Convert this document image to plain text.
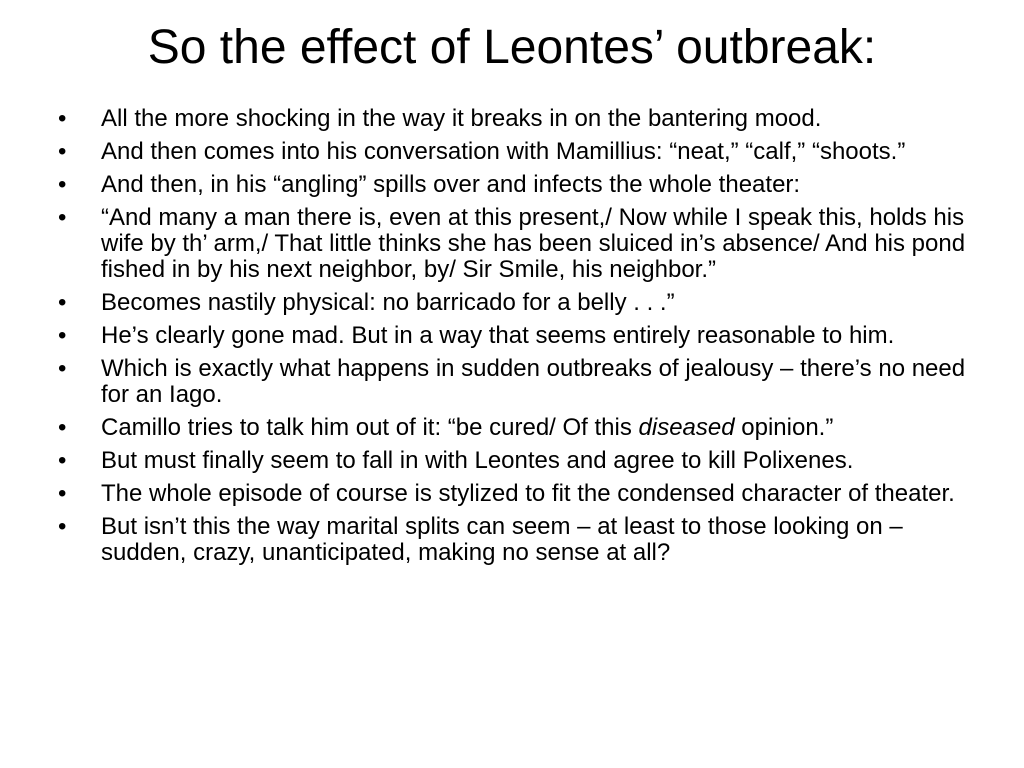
So the effect of Leontes’ outbreak:
•	All the more shocking in the way it breaks in on the bantering mood.
•	And then comes into his conversation with Mamillius: “neat,” “calf,” “shoots.”
•	And then, in his “angling” spills over and infects the whole theater:
•	“And many a man there is, even at this present,/ Now while I speak this, holds his wife by th’ arm,/ That little thinks she has been sluiced in’s absence/ And his pond fished in by his next neighbor, by/ Sir Smile, his neighbor.”
•	Becomes nastily physical: no barricado for a belly . . .”
•	He’s clearly gone mad. But in a way that seems entirely reasonable to him.
•	Which is exactly what happens in sudden outbreaks of jealousy – there’s no need for an Iago.
•	Camillo tries to talk him out of it: “be cured/ Of this diseased opinion.”
•	But must finally seem to fall in with Leontes and agree to kill Polixenes.
•	The whole episode of course is stylized to fit the condensed character of theater.
•	But isn’t this the way marital splits can seem – at least to those looking on – sudden, crazy, unanticipated, making no sense at all?
